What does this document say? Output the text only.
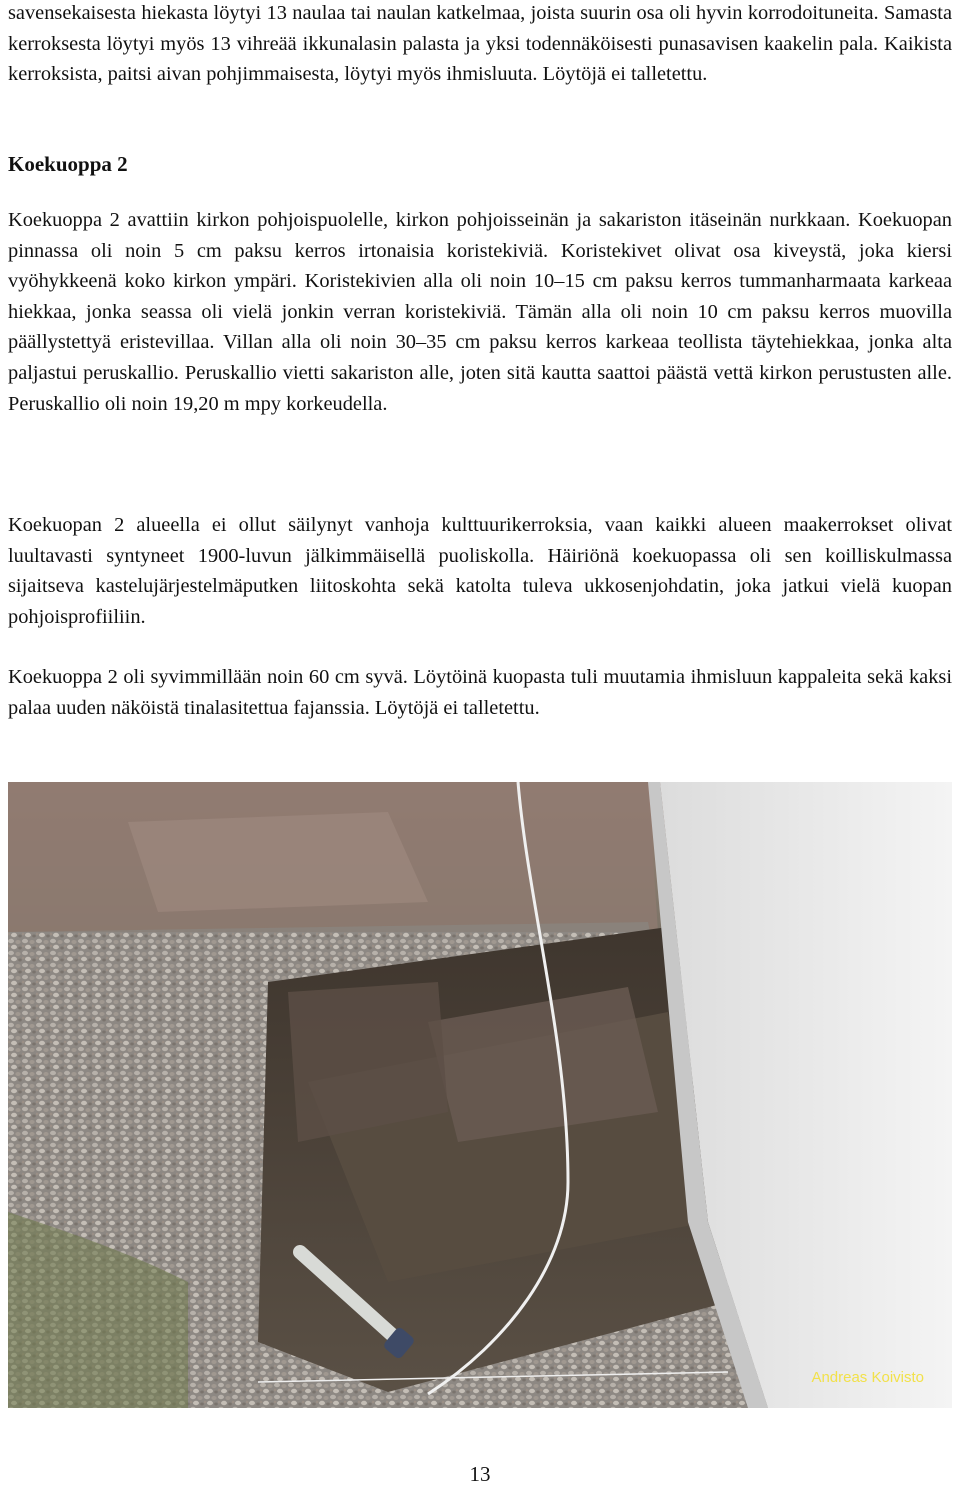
savensekaisesta hiekasta löytyi 13 naulaa tai naulan katkelmaa, joista suurin osa oli hyvin korrodoituneita. Samasta kerroksesta löytyi myös 13 vihreää ikkunalasin palasta ja yksi todennäköisesti punasavisen kaakelin pala. Kaikista kerroksista, paitsi aivan pohjimmaisesta, löytyi myös ihmisluuta. Löytöjä ei talletettu.

Koekuoppa 2

Koekuoppa 2 avattiin kirkon pohjoispuolelle, kirkon pohjoisseinän ja sakariston itäseinän nurkkaan. Koekuopan pinnassa oli noin 5 cm paksu kerros irtonaisia koristekiviä. Koristekivet olivat osa kiveystä, joka kiersi vyöhykkeenä koko kirkon ympäri. Koristekivien alla oli noin 10–15 cm paksu kerros tummanharmaata karkeaa hiekkaa, jonka seassa oli vielä jonkin verran koristekiviä. Tämän alla oli noin 10 cm paksu kerros muovilla päällystettyä eristevillaa. Villan alla oli noin 30–35 cm paksu kerros karkeaa teollista täytehiekkaa, jonka alta paljastui peruskallio. Peruskallio vietti sakariston alle, joten sitä kautta saattoi päästä vettä kirkon perustusten alle. Peruskallio oli noin 19,20 m mpy korkeudella.

Koekuopan 2 alueella ei ollut säilynyt vanhoja kulttuurikerroksia, vaan kaikki alueen maakerrokset olivat luultavasti syntyneet 1900-luvun jälkimmäisellä puoliskolla. Häiriönä koekuopassa oli sen koilliskulmassa sijaitseva kastelujärjestelmäputken liitoskohta sekä katolta tuleva ukkosenjohdatin, joka jatkui vielä kuopan pohjoisprofiiliin.

Koekuoppa 2 oli syvimmillään noin 60 cm syvä. Löytöinä kuopasta tuli muutamia ihmisluun kappaleita sekä kaksi palaa uuden näköistä tinalasitettua fajanssia. Löytöjä ei talletettu.

Andreas Koivisto
13
